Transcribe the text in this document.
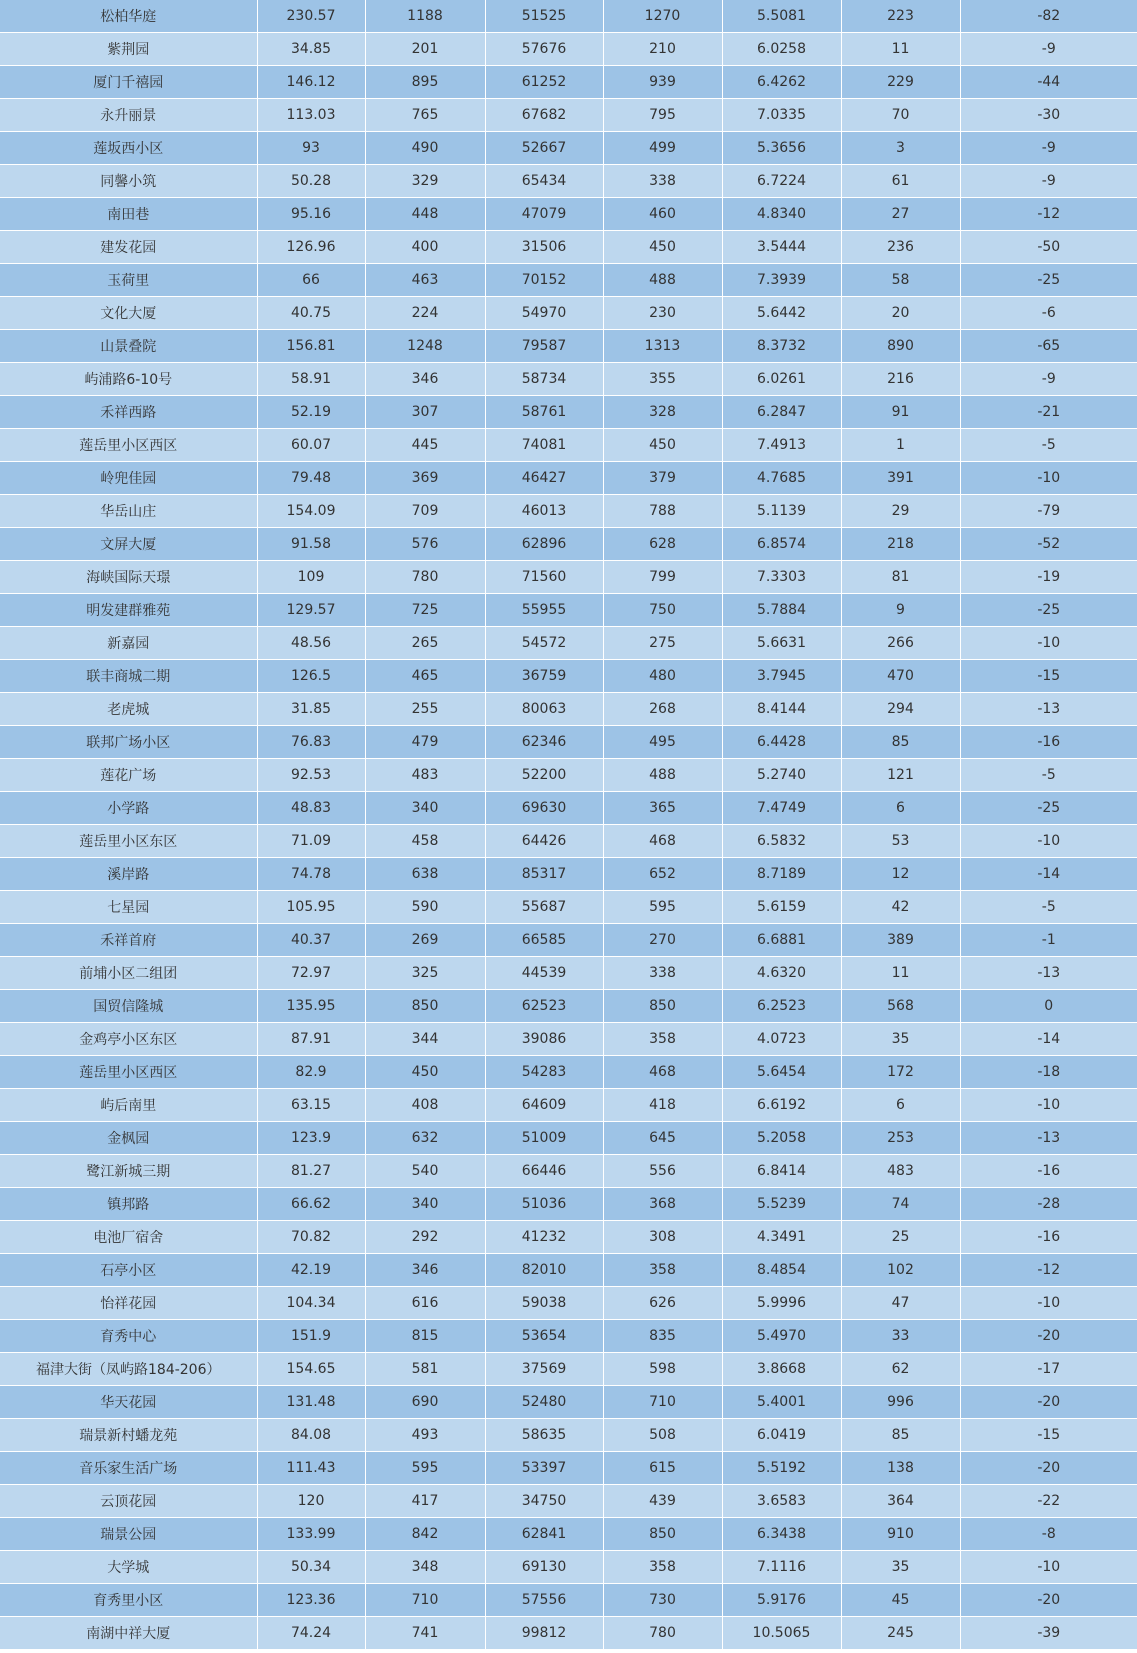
松柏华庭	230.57	1188	51525	1270	5.5081	223	-82
紫荆园	34.85	201	57676	210	6.0258	11	-9
厦门千禧园	146.12	895	61252	939	6.4262	229	-44
永升丽景	113.03	765	67682	795	7.0335	70	-30
莲坂西小区	93	490	52667	499	5.3656	3	-9
同馨小筑	50.28	329	65434	338	6.7224	61	-9
南田巷	95.16	448	47079	460	4.8340	27	-12
建发花园	126.96	400	31506	450	3.5444	236	-50
玉荷里	66	463	70152	488	7.3939	58	-25
文化大厦	40.75	224	54970	230	5.6442	20	-6
山景叠院	156.81	1248	79587	1313	8.3732	890	-65
屿浦路6-10号	58.91	346	58734	355	6.0261	216	-9
禾祥西路	52.19	307	58761	328	6.2847	91	-21
莲岳里小区西区	60.07	445	74081	450	7.4913	1	-5
岭兜佳园	79.48	369	46427	379	4.7685	391	-10
华岳山庄	154.09	709	46013	788	5.1139	29	-79
文屏大厦	91.58	576	62896	628	6.8574	218	-52
海峡国际天璟	109	780	71560	799	7.3303	81	-19
明发建群雅苑	129.57	725	55955	750	5.7884	9	-25
新嘉园	48.56	265	54572	275	5.6631	266	-10
联丰商城二期	126.5	465	36759	480	3.7945	470	-15
老虎城	31.85	255	80063	268	8.4144	294	-13
联邦广场小区	76.83	479	62346	495	6.4428	85	-16
莲花广场	92.53	483	52200	488	5.2740	121	-5
小学路	48.83	340	69630	365	7.4749	6	-25
莲岳里小区东区	71.09	458	64426	468	6.5832	53	-10
溪岸路	74.78	638	85317	652	8.7189	12	-14
七星园	105.95	590	55687	595	5.6159	42	-5
禾祥首府	40.37	269	66585	270	6.6881	389	-1
前埔小区二组团	72.97	325	44539	338	4.6320	11	-13
国贸信隆城	135.95	850	62523	850	6.2523	568	0
金鸡亭小区东区	87.91	344	39086	358	4.0723	35	-14
莲岳里小区西区	82.9	450	54283	468	5.6454	172	-18
屿后南里	63.15	408	64609	418	6.6192	6	-10
金枫园	123.9	632	51009	645	5.2058	253	-13
鹭江新城三期	81.27	540	66446	556	6.8414	483	-16
镇邦路	66.62	340	51036	368	5.5239	74	-28
电池厂宿舍	70.82	292	41232	308	4.3491	25	-16
石亭小区	42.19	346	82010	358	8.4854	102	-12
怡祥花园	104.34	616	59038	626	5.9996	47	-10
育秀中心	151.9	815	53654	835	5.4970	33	-20
福津大街（凤屿路184-206）	154.65	581	37569	598	3.8668	62	-17
华天花园	131.48	690	52480	710	5.4001	996	-20
瑞景新村蟠龙苑	84.08	493	58635	508	6.0419	85	-15
音乐家生活广场	111.43	595	53397	615	5.5192	138	-20
云顶花园	120	417	34750	439	3.6583	364	-22
瑞景公园	133.99	842	62841	850	6.3438	910	-8
大学城	50.34	348	69130	358	7.1116	35	-10
育秀里小区	123.36	710	57556	730	5.9176	45	-20
南湖中祥大厦	74.24	741	99812	780	10.5065	245	-39
